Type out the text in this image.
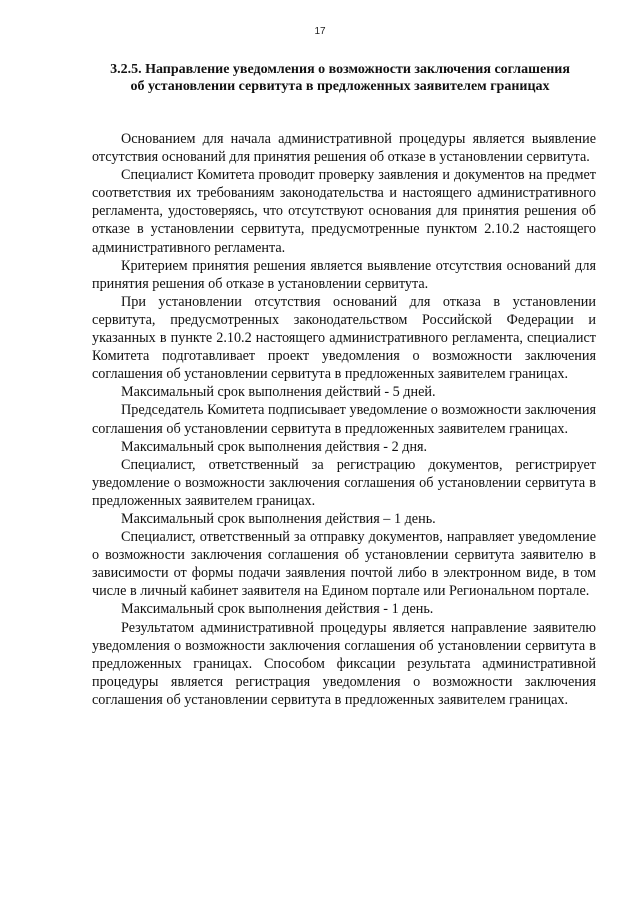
17
3.2.5. Направление уведомления о возможности заключения соглашения об установлении сервитута в предложенных заявителем границах

Основанием для начала административной процедуры является выявление отсутствия оснований для принятия решения об отказе в установлении сервитута.

Специалист Комитета проводит проверку заявления и документов на предмет соответствия их требованиям законодательства и настоящего административного регламента, удостоверяясь, что отсутствуют основания для принятия решения об отказе в установлении сервитута, предусмотренные пунктом 2.10.2 настоящего административного регламента.

Критерием принятия решения является выявление отсутствия оснований для принятия решения об отказе в установлении сервитута.

При установлении отсутствия оснований для отказа в установлении сервитута, предусмотренных законодательством Российской Федерации и указанных в пункте 2.10.2 настоящего административного регламента, специалист Комитета подготавливает проект уведомления о возможности заключения соглашения об установлении сервитута в предложенных заявителем границах.

Максимальный срок выполнения действий - 5 дней.

Председатель Комитета подписывает уведомление о возможности заключения соглашения об установлении сервитута в предложенных заявителем границах.

Максимальный срок выполнения действия - 2 дня.

Специалист, ответственный за регистрацию документов, регистрирует уведомление о возможности заключения соглашения об установлении сервитута в предложенных заявителем границах.

Максимальный срок выполнения действия – 1 день.

Специалист, ответственный за отправку документов, направляет уведомление о возможности заключения соглашения об установлении сервитута заявителю в зависимости от формы подачи заявления почтой либо в электронном виде, в том числе в личный кабинет заявителя на Едином портале или Региональном портале.

Максимальный срок выполнения действия - 1 день.

Результатом административной процедуры является направление заявителю уведомления о возможности заключения соглашения об установлении сервитута в предложенных границах. Способом фиксации результата административной процедуры является регистрация уведомления о возможности заключения соглашения об установлении сервитута в предложенных заявителем границах.
